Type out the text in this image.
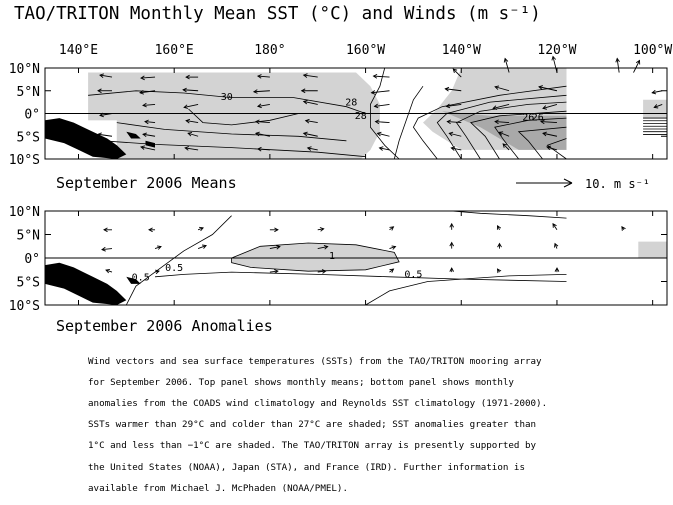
TAO/TRITON Monthly Mean SST (°C) and Winds (m s⁻¹)
140°E	160°E	180°	160°W	140°W	120°W	100°W
30	28
28	26
26
10°N
5°N
0°
5°S
10°S
September 2006 Means	10. m s⁻¹
1
0.5
0.5
0.5
10°N
5°N
0°
5°S
10°S
September 2006 Anomalies

Wind vectors and sea surface temperatures (SSTs) from the TAO/TRITON mooring array

for September 2006. Top panel shows monthly means; bottom panel shows monthly

anomalies from the COADS wind climatology and Reynolds SST climatology (1971-2000).

SSTs warmer than 29°C and colder than 27°C are shaded; SST anomalies greater than

1°C and less than −1°C are shaded. The TAO/TRITON array is presently supported by

the United States (NOAA), Japan (STA), and France (IRD). Further information is

available from Michael J. McPhaden (NOAA/PMEL).
